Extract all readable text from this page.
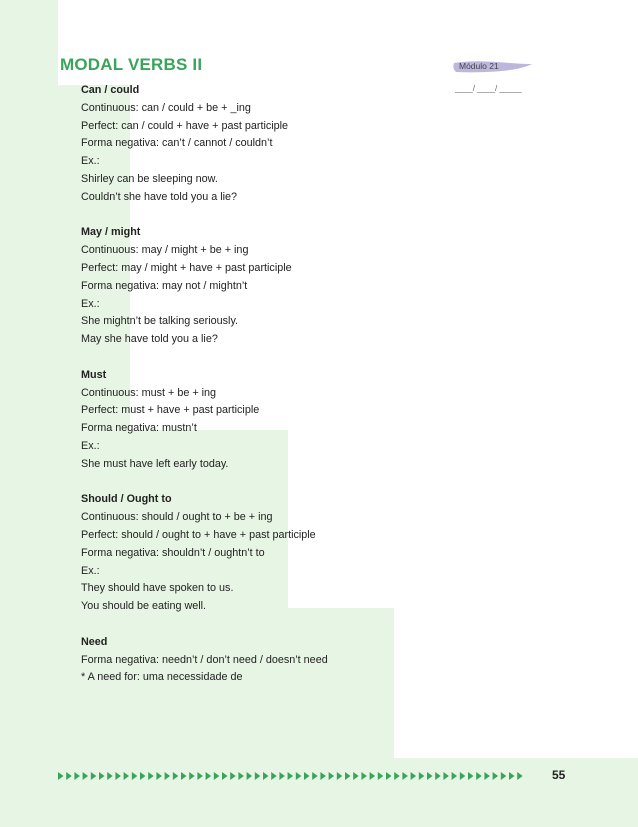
MODAL VERBS II	Módulo 21
____/ ____/ _____
Can / could
Continuous: can / could + be + _ing
Perfect: can / could + have + past participle
Forma negativa: can’t / cannot / couldn’t
Ex.:
Shirley can be sleeping now.
Couldn’t she have told you a lie?
May / might
Continuous: may / might + be + ing
Perfect: may / might + have + past participle
Forma negativa: may not / mightn’t
Ex.:
She mightn’t be talking seriously.
May she have told you a lie?
Must
Continuous: must + be + ing
Perfect: must + have + past participle
Forma negativa: mustn’t
Ex.:
She must have left early today.
Should / Ought to
Continuous: should / ought to + be + ing
Perfect: should / ought to + have + past participle
Forma negativa: shouldn’t / oughtn’t to
Ex.:
They should have spoken to us.
You should be eating well.
Need
Forma negativa: needn’t / don’t need / doesn’t need
* A need for: uma necessidade de
55
